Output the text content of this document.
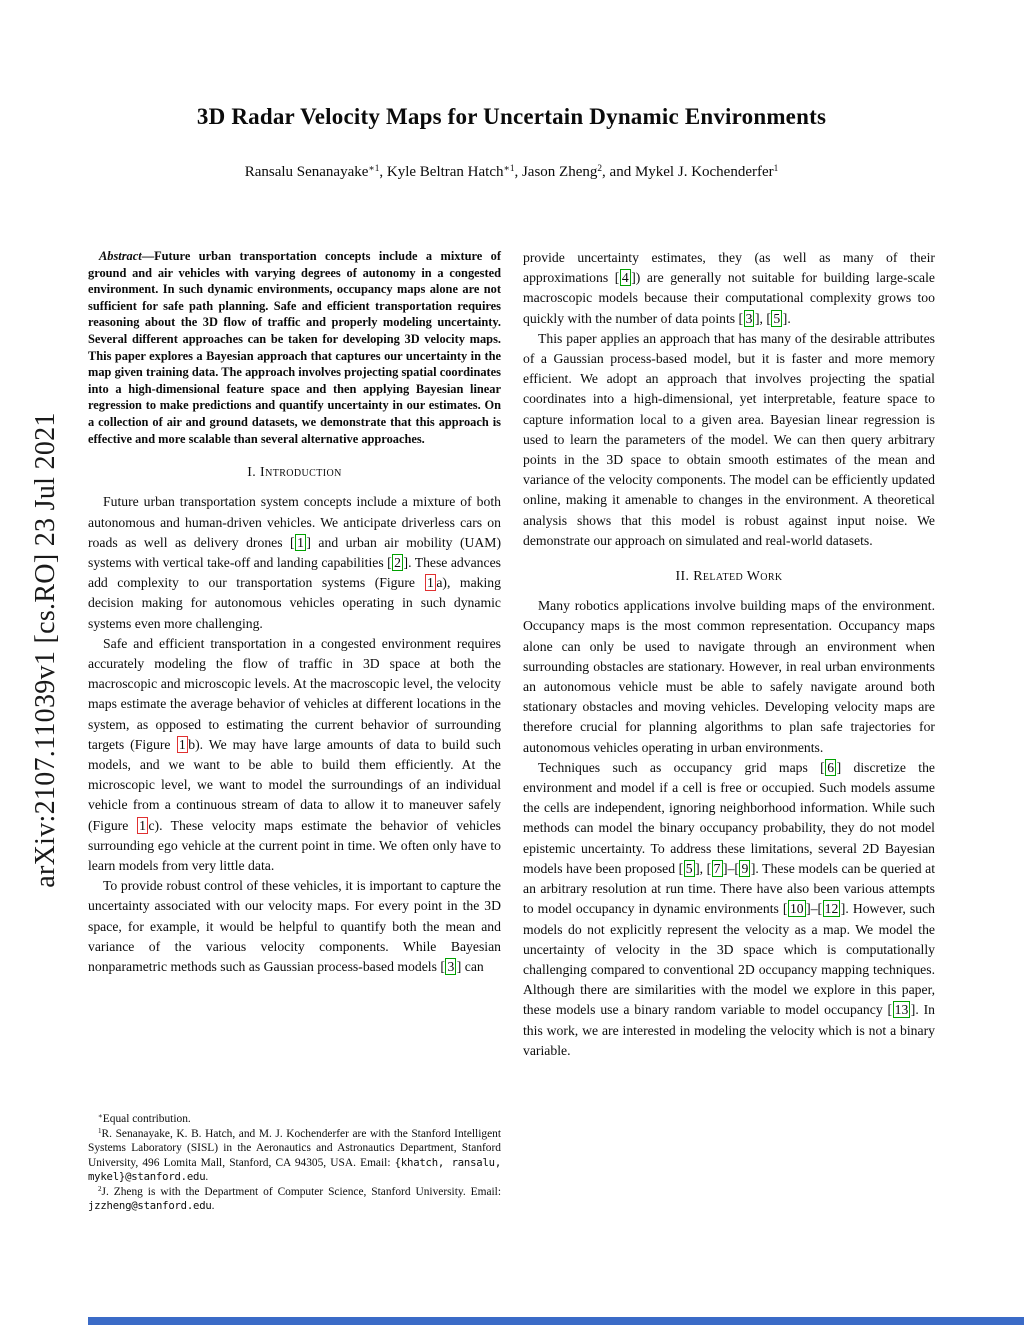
arXiv:2107.11039v1 [cs.RO] 23 Jul 2021
3D Radar Velocity Maps for Uncertain Dynamic Environments
Ransalu Senanayake$^{∗1}$, Kyle Beltran Hatch$^{∗1}$, Jason Zheng$^2$, and Mykel J. Kochenderfer$^1$

Abstract—Future urban transportation concepts include a mixture of ground and air vehicles with varying degrees of autonomy in a congested environment. In such dynamic environments, occupancy maps alone are not sufficient for safe path planning. Safe and efficient transportation requires reasoning about the 3D flow of traffic and properly modeling uncertainty. Several different approaches can be taken for developing 3D velocity maps. This paper explores a Bayesian approach that captures our uncertainty in the map given training data. The approach involves projecting spatial coordinates into a high-dimensional feature space and then applying Bayesian linear regression to make predictions and quantify uncertainty in our estimates. On a collection of air and ground datasets, we demonstrate that this approach is effective and more scalable than several alternative approaches.

I. Introduction

Future urban transportation system concepts include a mixture of both autonomous and human-driven vehicles. We anticipate driverless cars on roads as well as delivery drones [ 1 ] and urban air mobility (UAM) systems with vertical take-off and landing capabilities [ 2 ]. These advances add complexity to our transportation systems (Figure 1 a), making decision making for autonomous vehicles operating in such dynamic systems even more challenging.

Safe and efficient transportation in a congested environment requires accurately modeling the flow of traffic in 3D space at both the macroscopic and microscopic levels. At the macroscopic level, the velocity maps estimate the average behavior of vehicles at different locations in the system, as opposed to estimating the current behavior of surrounding targets (Figure 1 b). We may have large amounts of data to build such models, and we want to be able to build them efficiently. At the microscopic level, we want to model the surroundings of an individual vehicle from a continuous stream of data to allow it to maneuver safely (Figure 1 c). These velocity maps estimate the behavior of vehicles surrounding ego vehicle at the current point in time. We often only have to learn models from very little data.

To provide robust control of these vehicles, it is important to capture the uncertainty associated with our velocity maps. For every point in the 3D space, for example, it would be helpful to quantify both the mean and variance of the various velocity components. While Bayesian nonparametric methods such as Gaussian process-based models [ 3 ] can

∗Equal contribution.

$^1$R. Senanayake, K. B. Hatch, and M. J. Kochenderfer are with the Stanford Intelligent Systems Laboratory (SISL) in the Aeronautics and Astronautics Department, Stanford University, 496 Lomita Mall, Stanford, CA 94305, USA. Email: {khatch, ransalu, mykel}@stanford.edu.

$^2$J. Zheng is with the Department of Computer Science, Stanford University. Email: jzzheng@stanford.edu.

provide uncertainty estimates, they (as well as many of their approximations [ 4 ]) are generally not suitable for building large-scale macroscopic models because their computational complexity grows too quickly with the number of data points [ 3 ], [ 5 ].

This paper applies an approach that has many of the desirable attributes of a Gaussian process-based model, but it is faster and more memory efficient. We adopt an approach that involves projecting the spatial coordinates into a high-dimensional, yet interpretable, feature space to capture information local to a given area. Bayesian linear regression is used to learn the parameters of the model. We can then query arbitrary points in the 3D space to obtain smooth estimates of the mean and variance of the velocity components. The model can be efficiently updated online, making it amenable to changes in the environment. A theoretical analysis shows that this model is robust against input noise. We demonstrate our approach on simulated and real-world datasets.

II. Related Work

Many robotics applications involve building maps of the environment. Occupancy maps is the most common representation. Occupancy maps alone can only be used to navigate through an environment when surrounding obstacles are stationary. However, in real urban environments an autonomous vehicle must be able to safely navigate around both stationary obstacles and moving vehicles. Developing velocity maps are therefore crucial for planning algorithms to plan safe trajectories for autonomous vehicles operating in urban environments.

Techniques such as occupancy grid maps [ 6 ] discretize the environment and model if a cell is free or occupied. Such models assume the cells are independent, ignoring neighborhood information. While such methods can model the binary occupancy probability, they do not model epistemic uncertainty. To address these limitations, several 2D Bayesian models have been proposed [ 5 ], [ 7 ]–[ 9 ]. These models can be queried at an arbitrary resolution at run time. There have also been various attempts to model occupancy in dynamic environments [ 10 ]–[ 12 ]. However, such models do not explicitly represent the velocity as a map. We model the uncertainty of velocity in the 3D space which is computationally challenging compared to conventional 2D occupancy mapping techniques. Although there are similarities with the model we explore in this paper, these models use a binary random variable to model occupancy [ 13 ]. In this work, we are interested in modeling the velocity which is not a binary variable.
